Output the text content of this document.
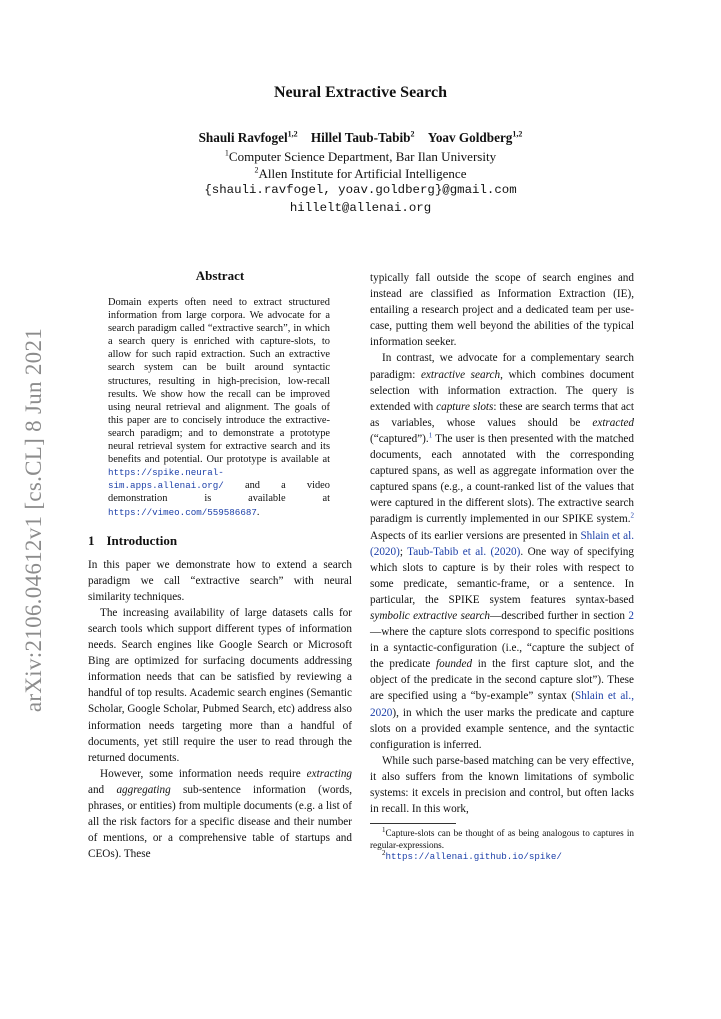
arXiv:2106.04612v1 [cs.CL] 8 Jun 2021
Neural Extractive Search
Shauli Ravfogel$^{1,2}$ Hillel Taub-Tabib$^2$ Yoav Goldberg$^{1,2}$
$^1$Computer Science Department, Bar Ilan University
$^2$Allen Institute for Artificial Intelligence
{shauli.ravfogel, yoav.goldberg}@gmail.com
hillelt@allenai.org
Abstract

Domain experts often need to extract structured information from large corpora. We advocate for a search paradigm called “extractive search”, in which a search query is enriched with capture-slots, to allow for such rapid extraction. Such an extractive search system can be built around syntactic structures, resulting in high-precision, low-recall results. We show how the recall can be improved using neural retrieval and alignment. The goals of this paper are to concisely introduce the extractive-search paradigm; and to demonstrate a prototype neural retrieval system for extractive search and its benefits and potential. Our prototype is available at https://spike.neural-sim.apps.allenai.org/ and a video demonstration is available at https://vimeo.com/559586687.

1 Introduction

In this paper we demonstrate how to extend a search paradigm we call “extractive search” with neural similarity techniques.

The increasing availability of large datasets calls for search tools which support different types of information needs. Search engines like Google Search or Microsoft Bing are optimized for surfacing documents addressing information needs that can be satisfied by reviewing a handful of top results. Academic search engines (Semantic Scholar, Google Scholar, Pubmed Search, etc) address also information needs targeting more than a handful of documents, yet still require the user to read through the returned documents.

However, some information needs require extracting and aggregating sub-sentence information (words, phrases, or entities) from multiple documents (e.g. a list of all the risk factors for a specific disease and their number of mentions, or a comprehensive table of startups and CEOs). These

typically fall outside the scope of search engines and instead are classified as Information Extraction (IE), entailing a research project and a dedicated team per use-case, putting them well beyond the abilities of the typical information seeker.

In contrast, we advocate for a complementary search paradigm: extractive search, which combines document selection with information extraction. The query is extended with capture slots: these are search terms that act as variables, whose values should be extracted (“captured”).$^1$ The user is then presented with the matched documents, each annotated with the corresponding captured spans, as well as aggregate information over the captured spans (e.g., a count-ranked list of the values that were captured in the different slots). The extractive search paradigm is currently implemented in our SPIKE system.$^2$ Aspects of its earlier versions are presented in Shlain et al. (2020); Taub-Tabib et al. (2020). One way of specifying which slots to capture is by their roles with respect to some predicate, semantic-frame, or a sentence. In particular, the SPIKE system features syntax-based symbolic extractive search—described further in section 2—where the capture slots correspond to specific positions in a syntactic-configuration (i.e., “capture the subject of the predicate founded in the first capture slot, and the object of the predicate in the second capture slot”). These are specified using a “by-example” syntax (Shlain et al., 2020), in which the user marks the predicate and capture slots on a provided example sentence, and the syntactic configuration is inferred.

While such parse-based matching can be very effective, it also suffers from the known limitations of symbolic systems: it excels in precision and control, but often lacks in recall. In this work,

$^1$Capture-slots can be thought of as being analogous to captures in regular-expressions.

$^2$https://allenai.github.io/spike/
